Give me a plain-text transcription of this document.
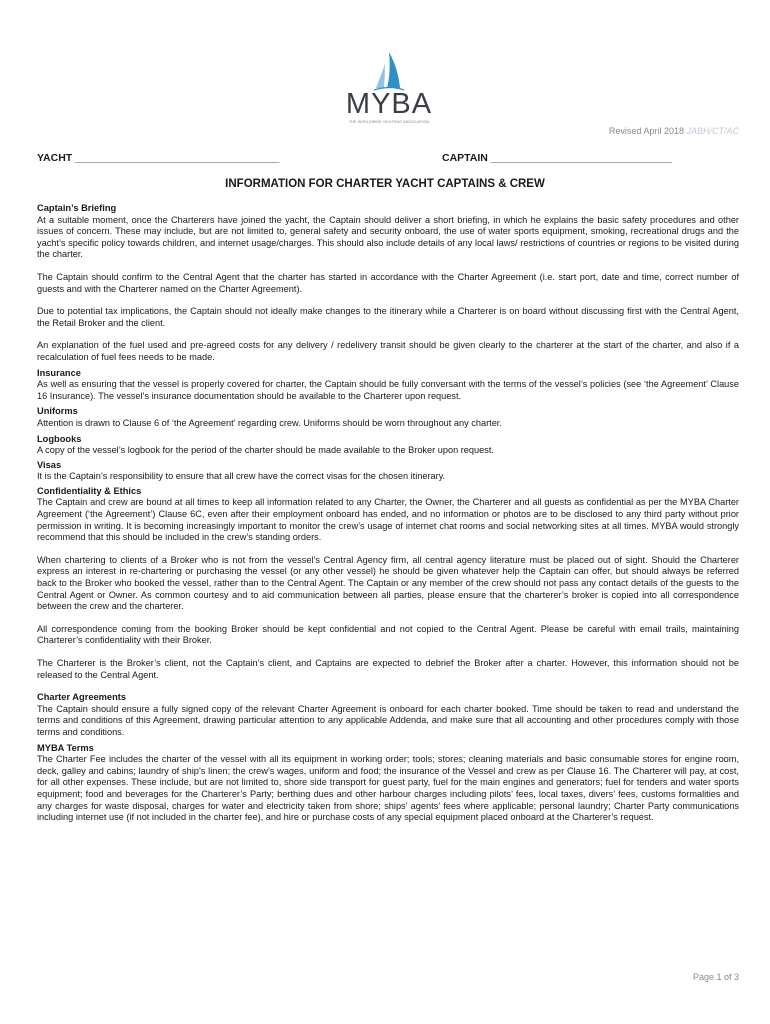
MYBA
THE WORLDWIDE YACHTING ASSOCIATION
Revised April 2018 JABH/CT/AC
YACHT ___________________________________	CAPTAIN _______________________________
INFORMATION FOR CHARTER YACHT CAPTAINS & CREW
Captain’s Briefing

At a suitable moment, once the Charterers have joined the yacht, the Captain should deliver a short briefing, in which he explains the basic safety procedures and other issues of concern. These may include, but are not limited to, general safety and security onboard, the use of water sports equipment, smoking, recreational drugs and the yacht’s specific policy towards children, and internet usage/charges. This should also include details of any local laws/ restrictions of countries or regions to be visited during the charter.

The Captain should confirm to the Central Agent that the charter has started in accordance with the Charter Agreement (i.e. start port, date and time, correct number of guests and with the Charterer named on the Charter Agreement).

Due to potential tax implications, the Captain should not ideally make changes to the itinerary while a Charterer is on board without discussing first with the Central Agent, the Retail Broker and the client.

An explanation of the fuel used and pre-agreed costs for any delivery / redelivery transit should be given clearly to the charterer at the start of the charter, and also if a recalculation of fuel fees needs to be made.

Insurance

As well as ensuring that the vessel is properly covered for charter, the Captain should be fully conversant with the terms of the vessel’s policies (see ‘the Agreement’ Clause 16 Insurance). The vessel’s insurance documentation should be available to the Charterer upon request.

Uniforms

Attention is drawn to Clause 6 of ‘the Agreement’ regarding crew. Uniforms should be worn throughout any charter.

Logbooks

A copy of the vessel’s logbook for the period of the charter should be made available to the Broker upon request.

Visas

It is the Captain’s responsibility to ensure that all crew have the correct visas for the chosen itinerary.

Confidentiality & Ethics

The Captain and crew are bound at all times to keep all information related to any Charter, the Owner, the Charterer and all guests as confidential as per the MYBA Charter Agreement (‘the Agreement’) Clause 6C, even after their employment onboard has ended, and no information or photos are to be disclosed to any third party without prior permission in writing. It is becoming increasingly important to monitor the crew’s usage of internet chat rooms and social networking sites at all times. MYBA would strongly recommend that this should be included in the crew’s standing orders.

When chartering to clients of a Broker who is not from the vessel’s Central Agency firm, all central agency literature must be placed out of sight. Should the Charterer express an interest in re-chartering or purchasing the vessel (or any other vessel) he should be given whatever help the Captain can offer, but should always be referred back to the Broker who booked the vessel, rather than to the Central Agent. The Captain or any member of the crew should not pass any contact details of the guests to the Central Agent or Owner. As common courtesy and to aid communication between all parties, please ensure that the charterer’s broker is copied into all correspondence between the crew and the charterer.

All correspondence coming from the booking Broker should be kept confidential and not copied to the Central Agent. Please be careful with email trails, maintaining Charterer’s confidentiality with their Broker.

The Charterer is the Broker’s client, not the Captain’s client, and Captains are expected to debrief the Broker after a charter. However, this information should not be released to the Central Agent.

Charter Agreements

The Captain should ensure a fully signed copy of the relevant Charter Agreement is onboard for each charter booked. Time should be taken to read and understand the terms and conditions of this Agreement, drawing particular attention to any applicable Addenda, and make sure that all accounting and other procedures comply with those terms and conditions.

MYBA Terms

The Charter Fee includes the charter of the vessel with all its equipment in working order; tools; stores; cleaning materials and basic consumable stores for engine room, deck, galley and cabins; laundry of ship’s linen; the crew’s wages, uniform and food; the insurance of the Vessel and crew as per Clause 16. The Charterer will pay, at cost, for all other expenses. These include, but are not limited to, shore side transport for guest party, fuel for the main engines and generators; fuel for tenders and water sports equipment; food and beverages for the Charterer’s Party; berthing dues and other harbour charges including pilots’ fees, local taxes, divers’ fees, customs formalities and any charges for waste disposal, charges for water and electricity taken from shore; ships’ agents’ fees where applicable; personal laundry; Charter Party communications including internet use (if not included in the charter fee), and hire or purchase costs of any special equipment placed onboard at the Charterer’s request.

Page 1 of 3
